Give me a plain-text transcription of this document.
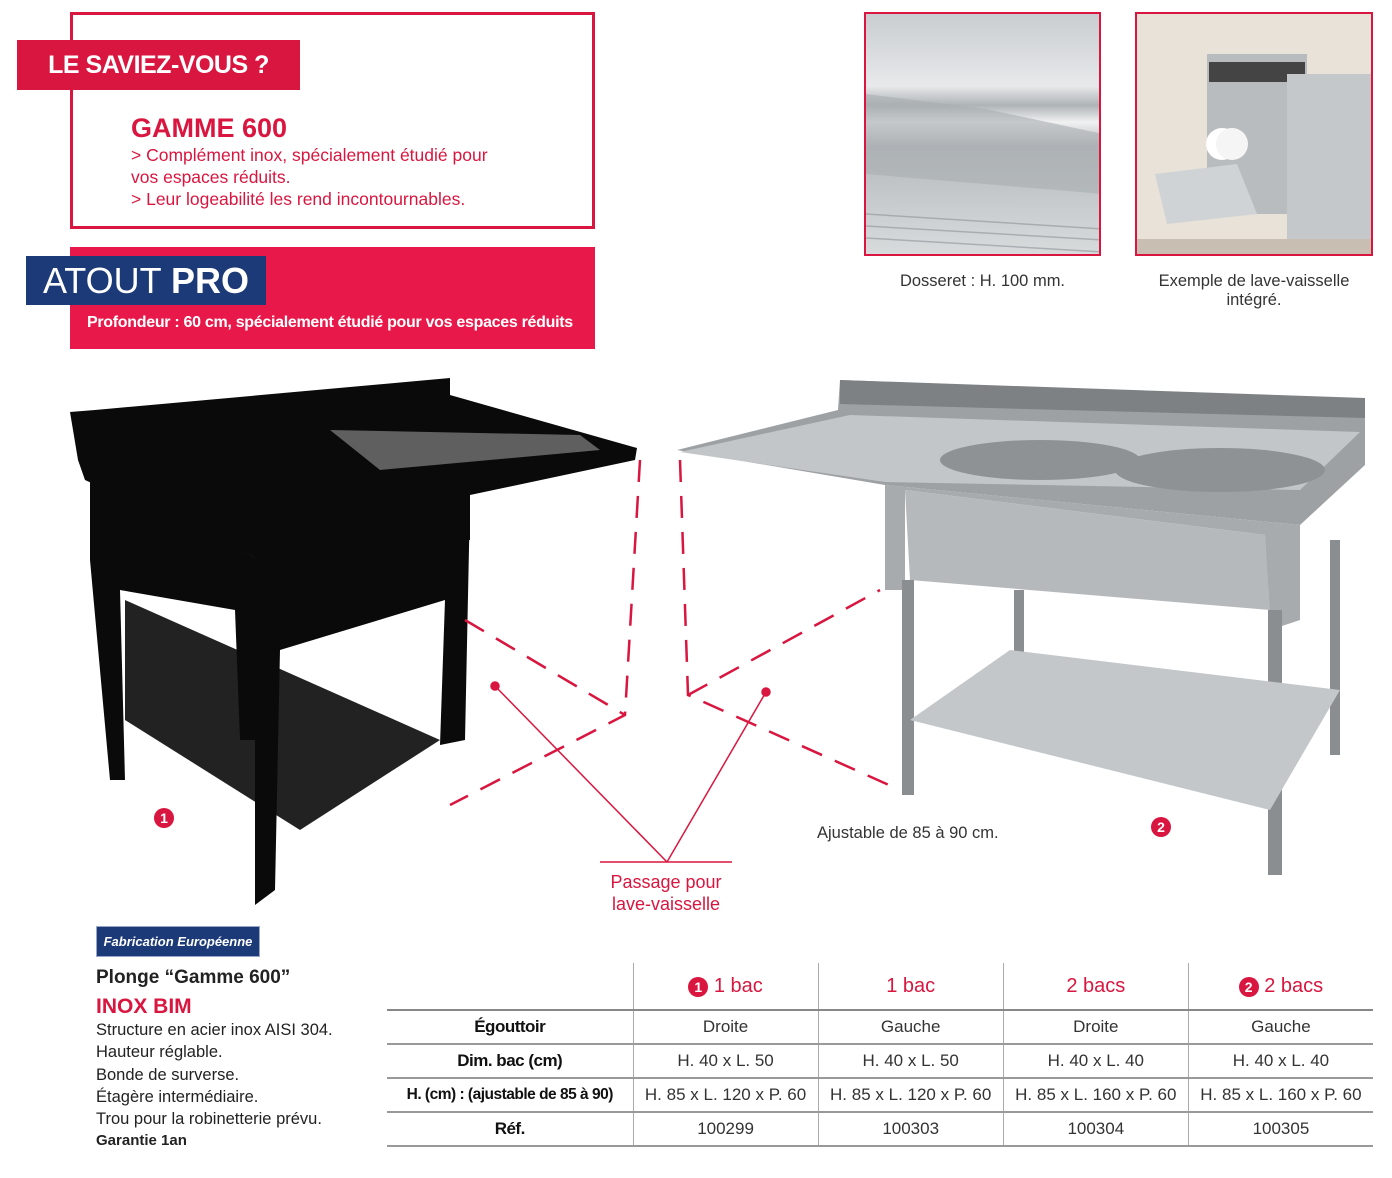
LE SAVIEZ-VOUS ?
GAMME 600
> Complément inox, spécialement étudié pour
vos espaces réduits.
> Leur logeabilité les rend incontournables.
ATOUT PRO
Profondeur : 60 cm, spécialement étudié pour vos espaces réduits
Dosseret : H. 100 mm.	Exemple de lave-vaisselle
intégré.
1
2
Ajustable de 85 à 90 cm.
Passage pour
lave-vaisselle
Fabrication Européenne
Plonge “Gamme 600”
INOX BIM
Structure en acier inox AISI 304.
Hauteur réglable.
Bonde de surverse.
Étagère intermédiaire.
Trou pour la robinetterie prévu.
Garantie 1an
	1 1 bac	1 bac	2 bacs	2 2 bacs
Égouttoir	Droite	Gauche	Droite	Gauche
Dim. bac (cm)	H. 40 x L. 50	H. 40 x L. 50	H. 40 x L. 40	H. 40 x L. 40
H. (cm) : (ajustable de 85 à 90)	H. 85 x L. 120 x P. 60	H. 85 x L. 120 x P. 60	H. 85 x L. 160 x P. 60	H. 85 x L. 160 x P. 60
Réf.	100299	100303	100304	100305
